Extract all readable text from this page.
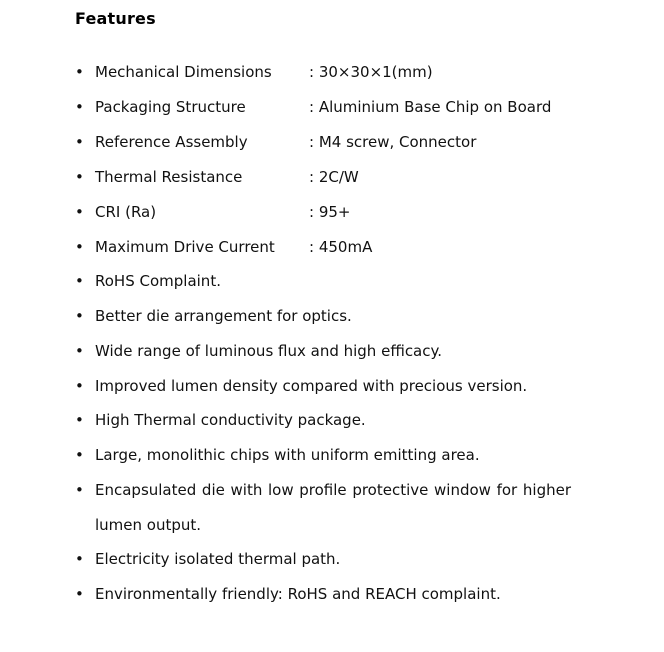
Features
• Mechanical Dimensions : 30×30×1(mm)
• Packaging Structure	: Aluminium Base Chip on Board
• Reference Assembly	: M4 screw, Connector
• Thermal Resistance	: 2C/W
• CRI (Ra)	: 95+
• Maximum Drive Current : 450mA
• RoHS Complaint.
• Better die arrangement for optics.
• Wide range of luminous flux and high efficacy.
• Improved lumen density compared with precious version.
• High Thermal conductivity package.
• Large, monolithic chips with uniform emitting area.
• Encapsulated die with low profile protective window for higher lumen output.
• Electricity isolated thermal path.
• Environmentally friendly: RoHS and REACH complaint.
